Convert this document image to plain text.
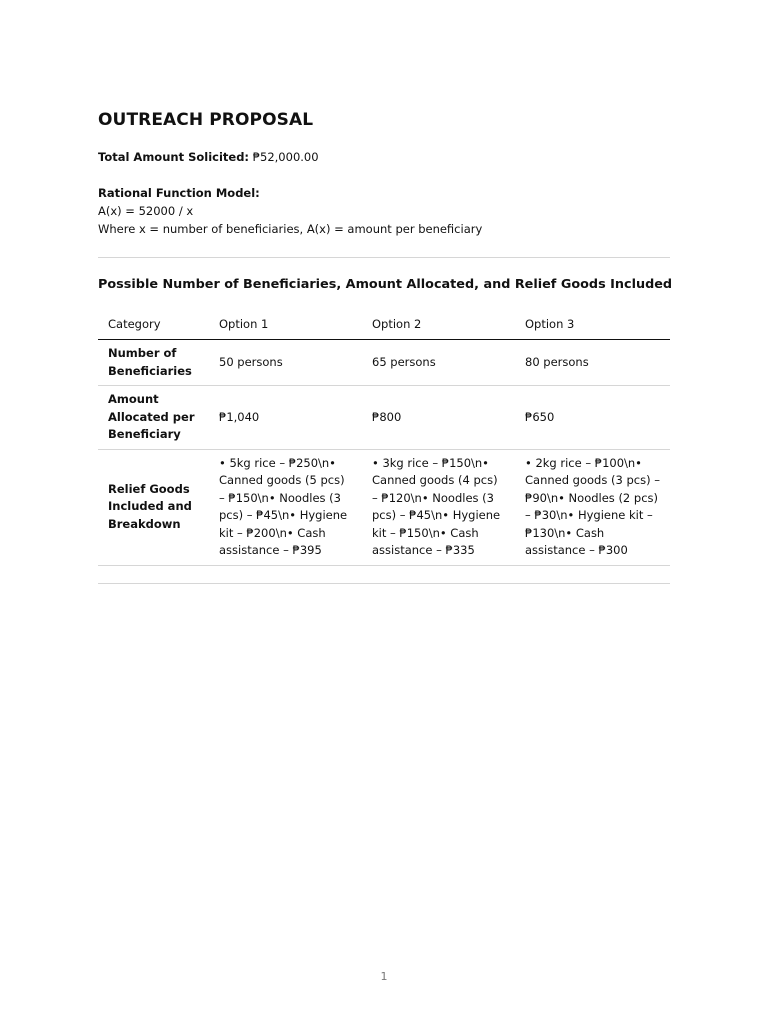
OUTREACH PROPOSAL
Total Amount Solicited: ₱52,000.00
Rational Function Model:
A(x) = 52000 / x
Where x = number of beneficiaries, A(x) = amount per beneficiary
Possible Number of Beneficiaries, Amount Allocated, and Relief Goods Included
Category	Option 1	Option 2	Option 3
Number of Beneficiaries	50 persons	65 persons	80 persons
Amount Allocated per Beneficiary	₱1,040	₱800	₱650
Relief Goods Included and Breakdown	• 5kg rice – ₱250\n• Canned goods (5 pcs) – ₱150\n• Noodles (3 pcs) – ₱45\n• Hygiene kit – ₱200\n• Cash assistance – ₱395	• 3kg rice – ₱150\n• Canned goods (4 pcs) – ₱120\n• Noodles (3 pcs) – ₱45\n• Hygiene kit – ₱150\n• Cash assistance – ₱335	• 2kg rice – ₱100\n• Canned goods (3 pcs) – ₱90\n• Noodles (2 pcs) – ₱30\n• Hygiene kit – ₱130\n• Cash assistance – ₱300
1
